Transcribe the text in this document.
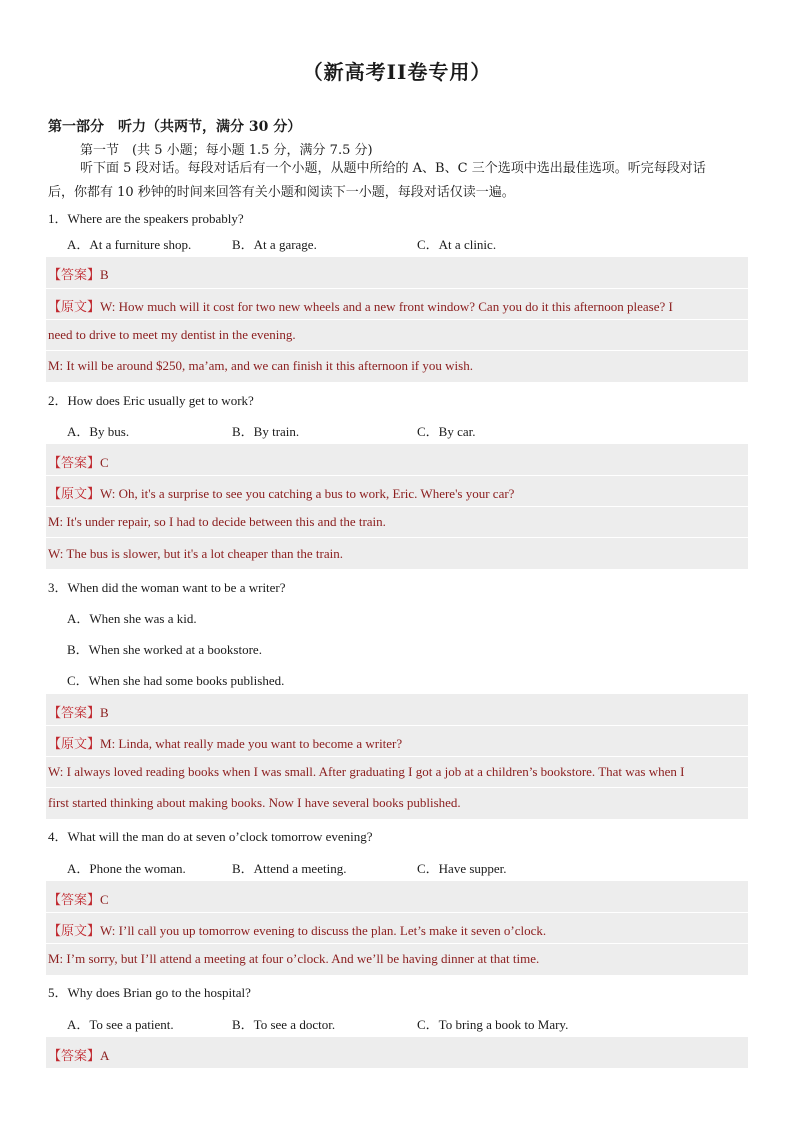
（新高考II卷专用）
第一部分　听力（共两节，满分 30 分）
第一节　(共 5 小题；每小题 1.5 分，满分 7.5 分)
听下面 5 段对话。每段对话后有一个小题，从题中所给的 A、B、C 三个选项中选出最佳选项。听完每段对话
后，你都有 10 秒钟的时间来回答有关小题和阅读下一小题，每段对话仅读一遍。
1．Where are the speakers probably?
A．At a furniture shop.	B．At a garage.	C．At a clinic.
【答案】B
【原文】W: How much will it cost for two new wheels and a new front window? Can you do it this afternoon please? I
need to drive to meet my dentist in the evening.
M: It will be around $250, ma’am, and we can finish it this afternoon if you wish.
2．How does Eric usually get to work?
A．By bus.	B．By train.	C．By car.
【答案】C
【原文】W: Oh, it's a surprise to see you catching a bus to work, Eric. Where's your car?
M: It's under repair, so I had to decide between this and the train.
W: The bus is slower, but it's a lot cheaper than the train.
3．When did the woman want to be a writer?
A．When she was a kid.
B．When she worked at a bookstore.
C．When she had some books published.
【答案】B
【原文】M: Linda, what really made you want to become a writer?
W: I always loved reading books when I was small. After graduating I got a job at a children’s bookstore. That was when I
first started thinking about making books. Now I have several books published.
4．What will the man do at seven o’clock tomorrow evening?
A．Phone the woman.	B．Attend a meeting.	C．Have supper.
【答案】C
【原文】W: I’ll call you up tomorrow evening to discuss the plan. Let’s make it seven o’clock.
M: I’m sorry, but I’ll attend a meeting at four o’clock. And we’ll be having dinner at that time.
5．Why does Brian go to the hospital?
A．To see a patient.	B．To see a doctor.	C．To bring a book to Mary.
【答案】A
